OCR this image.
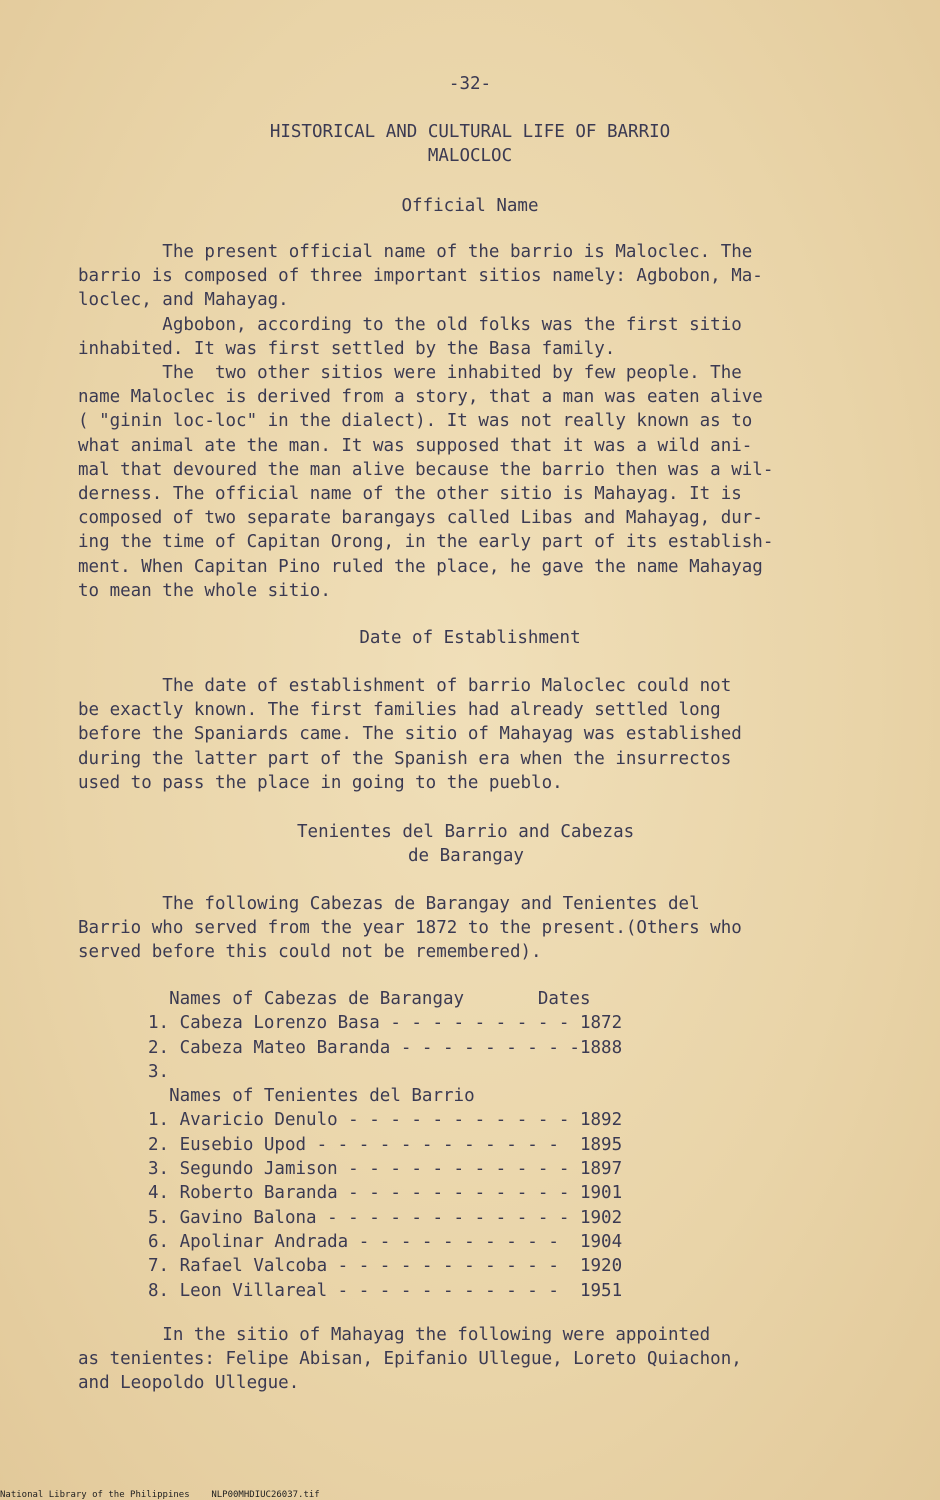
-32-
HISTORICAL AND CULTURAL LIFE OF BARRIO
MALOCLOC
Official Name

The present official name of the barrio is Maloclec. The

barrio is composed of three important sitios namely: Agbobon, Ma-

loclec, and Mahayag.

Agbobon, according to the old folks was the first sitio

inhabited. It was first settled by the Basa family.

The  two other sitios were inhabited by few people. The

name Maloclec is derived from a story, that a man was eaten alive

( "ginin loc-loc" in the dialect). It was not really known as to

what animal ate the man. It was supposed that it was a wild ani-

mal that devoured the man alive because the barrio then was a wil-

derness. The official name of the other sitio is Mahayag. It is

composed of two separate barangays called Libas and Mahayag, dur-

ing the time of Capitan Orong, in the early part of its establish-

ment. When Capitan Pino ruled the place, he gave the name Mahayag

to mean the whole sitio.

Date of Establishment

The date of establishment of barrio Maloclec could not

be exactly known. The first families had already settled long

before the Spaniards came. The sitio of Mahayag was established

during the latter part of the Spanish era when the insurrectos

used to pass the place in going to the pueblo.

Tenientes del Barrio and Cabezas
de Barangay

The following Cabezas de Barangay and Tenientes del

Barrio who served from the year 1872 to the present.(Others who

served before this could not be remembered).

Names of Cabezas de Barangay       Dates

1. Cabeza Lorenzo Basa - - - - - - - - - 1872

2. Cabeza Mateo Baranda - - - - - - - - -1888

3.

Names of Tenientes del Barrio

1. Avaricio Denulo - - - - - - - - - - - 1892

2. Eusebio Upod - - - - - - - - - - - -  1895

3. Segundo Jamison - - - - - - - - - - - 1897

4. Roberto Baranda - - - - - - - - - - - 1901

5. Gavino Balona - - - - - - - - - - - - 1902

6. Apolinar Andrada - - - - - - - - - -  1904

7. Rafael Valcoba - - - - - - - - - - -  1920

8. Leon Villareal - - - - - - - - - - -  1951

In the sitio of Mahayag the following were appointed

as tenientes: Felipe Abisan, Epifanio Ullegue, Loreto Quiachon,

and Leopoldo Ullegue.

National Library of the Philippines NLP00MHDIUC26037.tif
